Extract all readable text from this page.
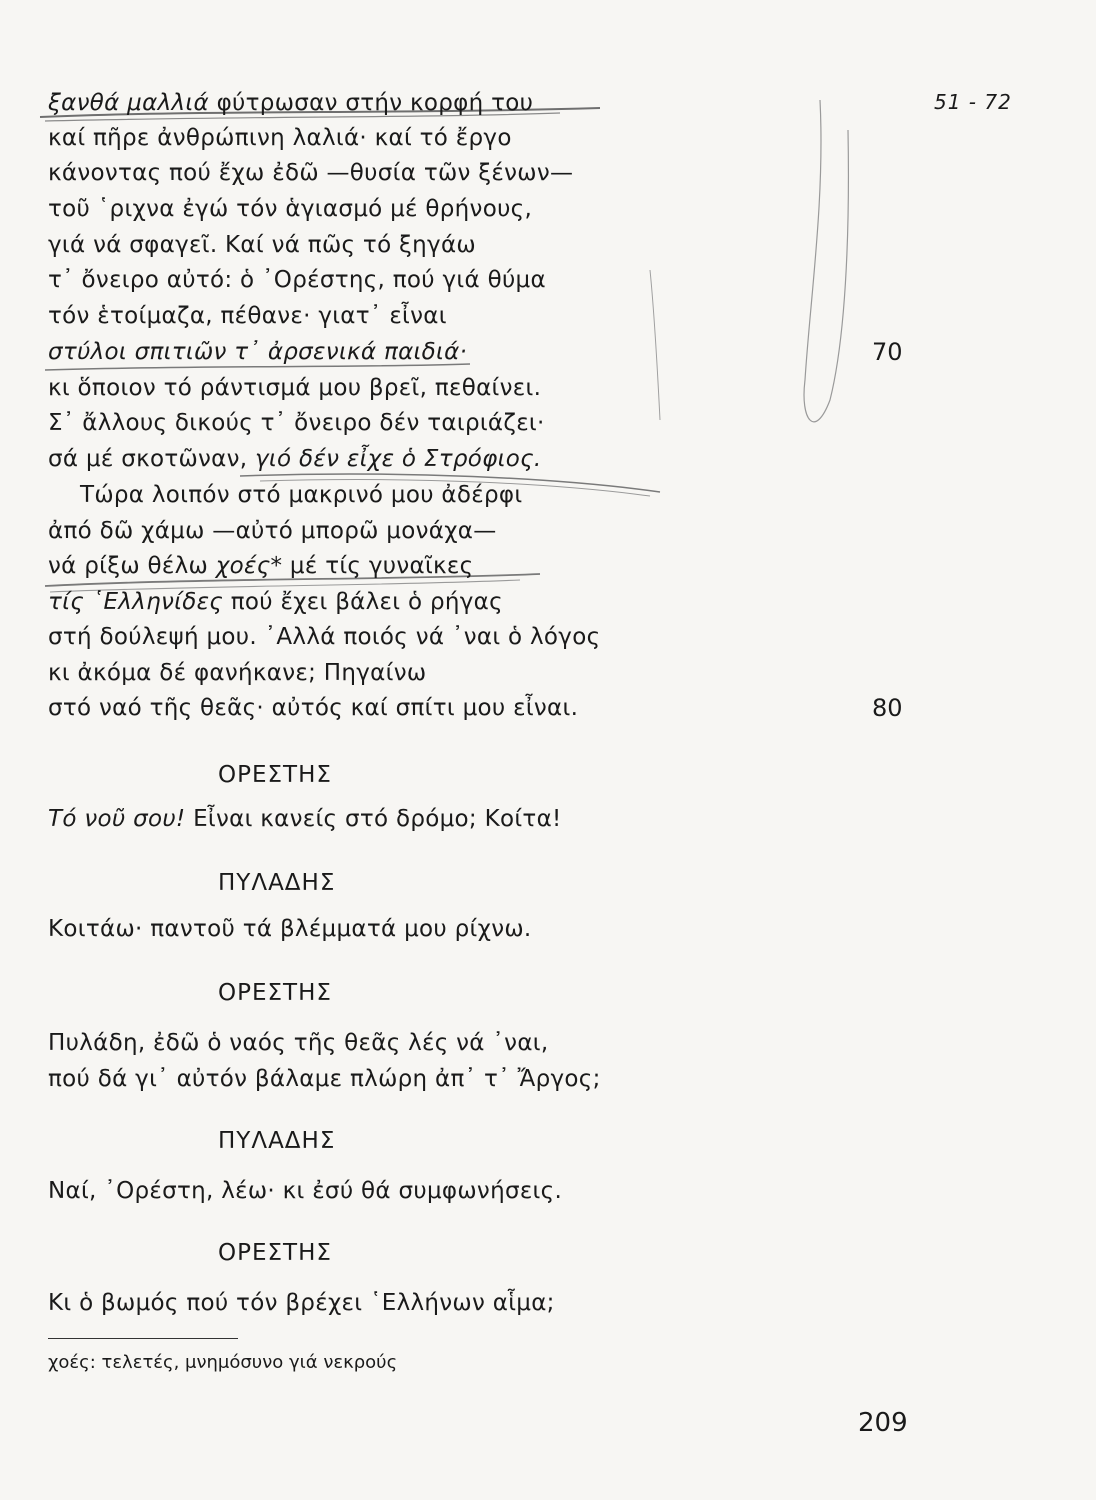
51 - 72
ξανθά μαλλιά φύτρωσαν στήν κορφή του
καί πῆρε ἀνθρώπινη λαλιά· καί τό ἔργο
κάνοντας πού ἔχω ἐδῶ —θυσία τῶν ξένων—
τοῦ ῾ριχνα ἐγώ τόν ἁγιασμό μέ θρήνους,
γιά νά σφαγεῖ. Καί νά πῶς τό ξηγάω
τ᾽ ὄνειρο αὐτό: ὁ ᾽Ορέστης, πού γιά θύμα
τόν ἑτοίμαζα, πέθανε· γιατ᾽ εἶναι
στύλοι σπιτιῶν τ᾽ ἀρσενικά παιδιά·	70
κι ὅποιον τό ράντισμά μου βρεῖ, πεθαίνει.
Σ᾽ ἄλλους δικούς τ᾽ ὄνειρο δέν ταιριάζει·
σά μέ σκοτῶναν, γιό δέν εἶχε ὁ Στρόφιος.
Τώρα λοιπόν στό μακρινό μου ἀδέρφι
ἀπό δῶ χάμω —αὐτό μπορῶ μονάχα—
νά ρίξω θέλω χοές* μέ τίς γυναῖκες
τίς ῾Ελληνίδες πού ἔχει βάλει ὁ ρήγας
στή δούλεψή μου. ᾽Αλλά ποιός νά ᾽ναι ὁ λόγος
κι ἀκόμα δέ φανήκανε; Πηγαίνω
στό ναό τῆς θεᾶς· αὐτός καί σπίτι μου εἶναι.	80
ΟΡΕΣΤΗΣ
Τό νοῦ σου! Εἶναι κανείς στό δρόμο; Κοίτα!
ΠΥΛΑΔΗΣ
Κοιτάω· παντοῦ τά βλέμματά μου ρίχνω.
ΟΡΕΣΤΗΣ
Πυλάδη, ἐδῶ ὁ ναός τῆς θεᾶς λές νά ᾽ναι,
πού δά γι᾽ αὐτόν βάλαμε πλώρη ἀπ᾽ τ᾽ Ἄργος;
ΠΥΛΑΔΗΣ
Ναί, ᾽Ορέστη, λέω· κι ἐσύ θά συμφωνήσεις.
ΟΡΕΣΤΗΣ
Κι ὁ βωμός πού τόν βρέχει ῾Ελλήνων αἷμα;
χοές: τελετές, μνημόσυνο γιά νεκρούς
209
